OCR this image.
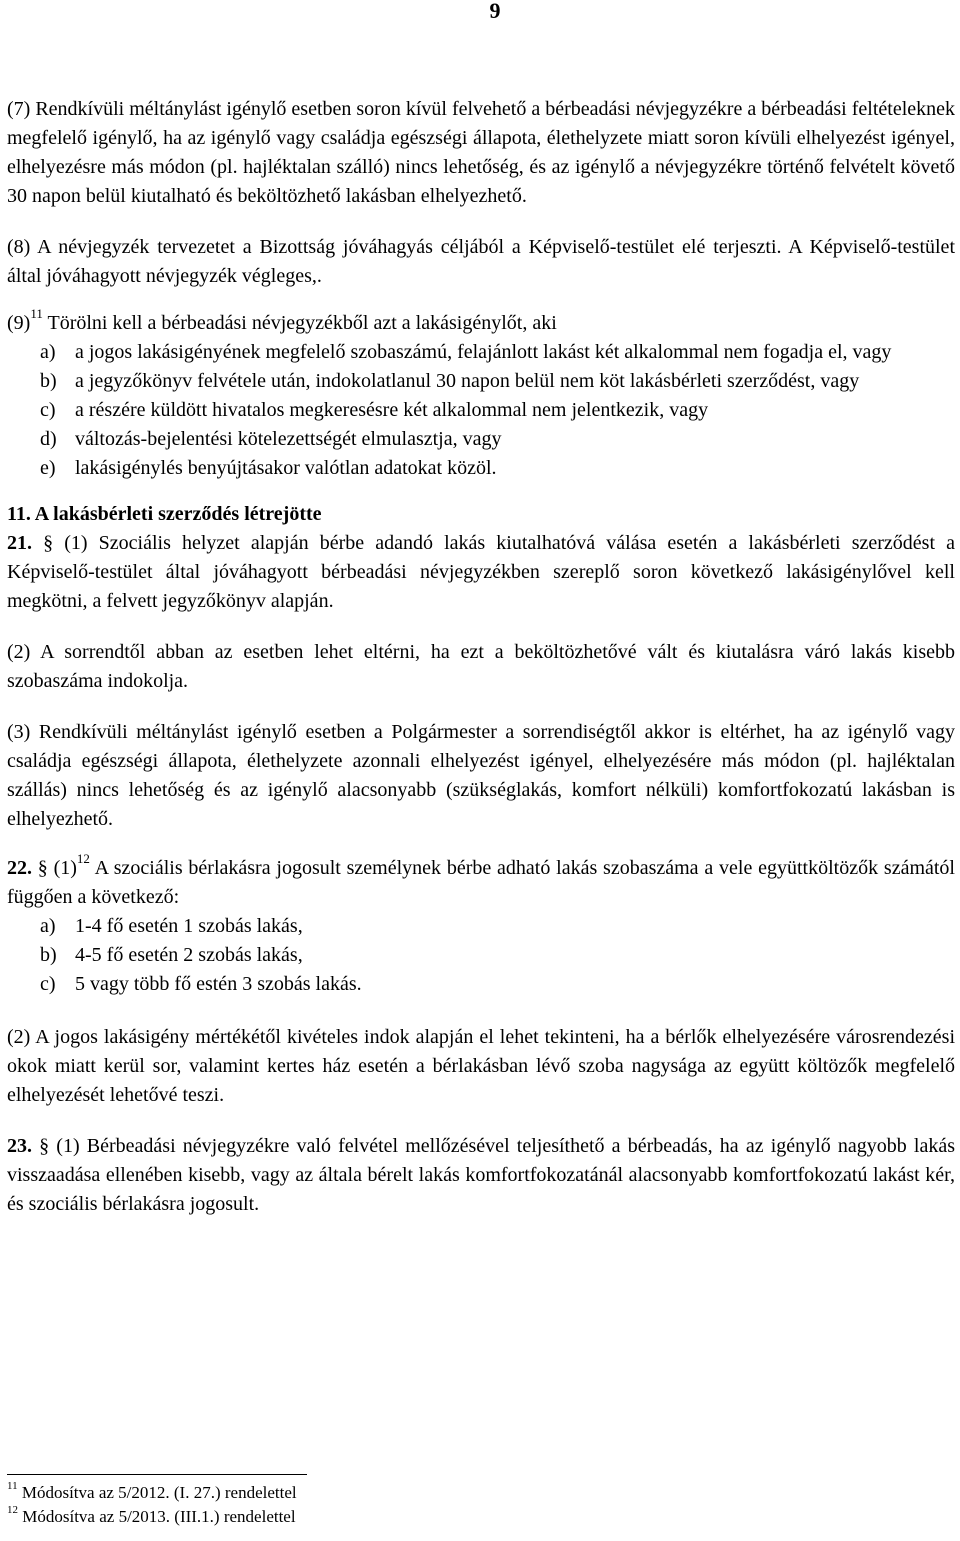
9

(7) Rendkívüli méltánylást igénylő esetben soron kívül felvehető a bérbeadási névjegyzékre a bérbeadási feltételeknek megfelelő igénylő, ha az igénylő vagy családja egészségi állapota, élethelyzete miatt soron kívüli elhelyezést igényel, elhelyezésre más módon (pl. hajléktalan szálló) nincs lehetőség, és az igénylő a névjegyzékre történő felvételt követő 30 napon belül kiutalható és beköltözhető lakásban elhelyezhető.

(8) A névjegyzék tervezetet a Bizottság jóváhagyás céljából a Képviselő-testület elé terjeszti. A Képviselő-testület által jóváhagyott névjegyzék végleges,.

$(9)^{11}$ Törölni kell a bérbeadási névjegyzékből azt a lakásigénylőt, aki

a) a jogos lakásigényének megfelelő szobaszámú, felajánlott lakást két alkalommal nem fogadja el, vagy
b) a jegyzőkönyv felvétele után, indokolatlanul 30 napon belül nem köt lakásbérleti szerződést, vagy
c) a részére küldött hivatalos megkeresésre két alkalommal nem jelentkezik, vagy
d) változás-bejelentési kötelezettségét elmulasztja, vagy
e) lakásigénylés benyújtásakor valótlan adatokat közöl.

11. A lakásbérleti szerződés létrejötte

21. § (1) Szociális helyzet alapján bérbe adandó lakás kiutalhatóvá válása esetén a lakásbérleti szerződést a Képviselő-testület által jóváhagyott bérbeadási névjegyzékben szereplő soron következő lakásigénylővel kell megkötni, a felvett jegyzőkönyv alapján.

(2) A sorrendtől abban az esetben lehet eltérni, ha ezt a beköltözhetővé vált és kiutalásra váró lakás kisebb szobaszáma indokolja.

(3) Rendkívüli méltánylást igénylő esetben a Polgármester a sorrendiségtől akkor is eltérhet, ha az igénylő vagy családja egészségi állapota, élethelyzete azonnali elhelyezést igényel, elhelyezésére más módon (pl. hajléktalan szállás) nincs lehetőség és az igénylő alacsonyabb (szükséglakás, komfort nélküli) komfortfokozatú lakásban is elhelyezhető.

22. § $(1)^{12}$ A szociális bérlakásra jogosult személynek bérbe adható lakás szobaszáma a vele együttköltözők számától függően a következő:

a) 1-4 fő esetén 1 szobás lakás,
b) 4-5 fő esetén 2 szobás lakás,
c) 5 vagy több fő estén 3 szobás lakás.

(2) A jogos lakásigény mértékétől kivételes indok alapján el lehet tekinteni, ha a bérlők elhelyezésére városrendezési okok miatt kerül sor, valamint kertes ház esetén a bérlakásban lévő szoba nagysága az együtt költözők megfelelő elhelyezését lehetővé teszi.

23. § (1) Bérbeadási névjegyzékre való felvétel mellőzésével teljesíthető a bérbeadás, ha az igénylő nagyobb lakás visszaadása ellenében kisebb, vagy az általa bérelt lakás komfortfokozatánál alacsonyabb komfortfokozatú lakást kér, és szociális bérlakásra jogosult.

$^{11}$ Módosítva az 5/2012. (I. 27.) rendelettel
$^{12}$ Módosítva az 5/2013. (III.1.) rendelettel
